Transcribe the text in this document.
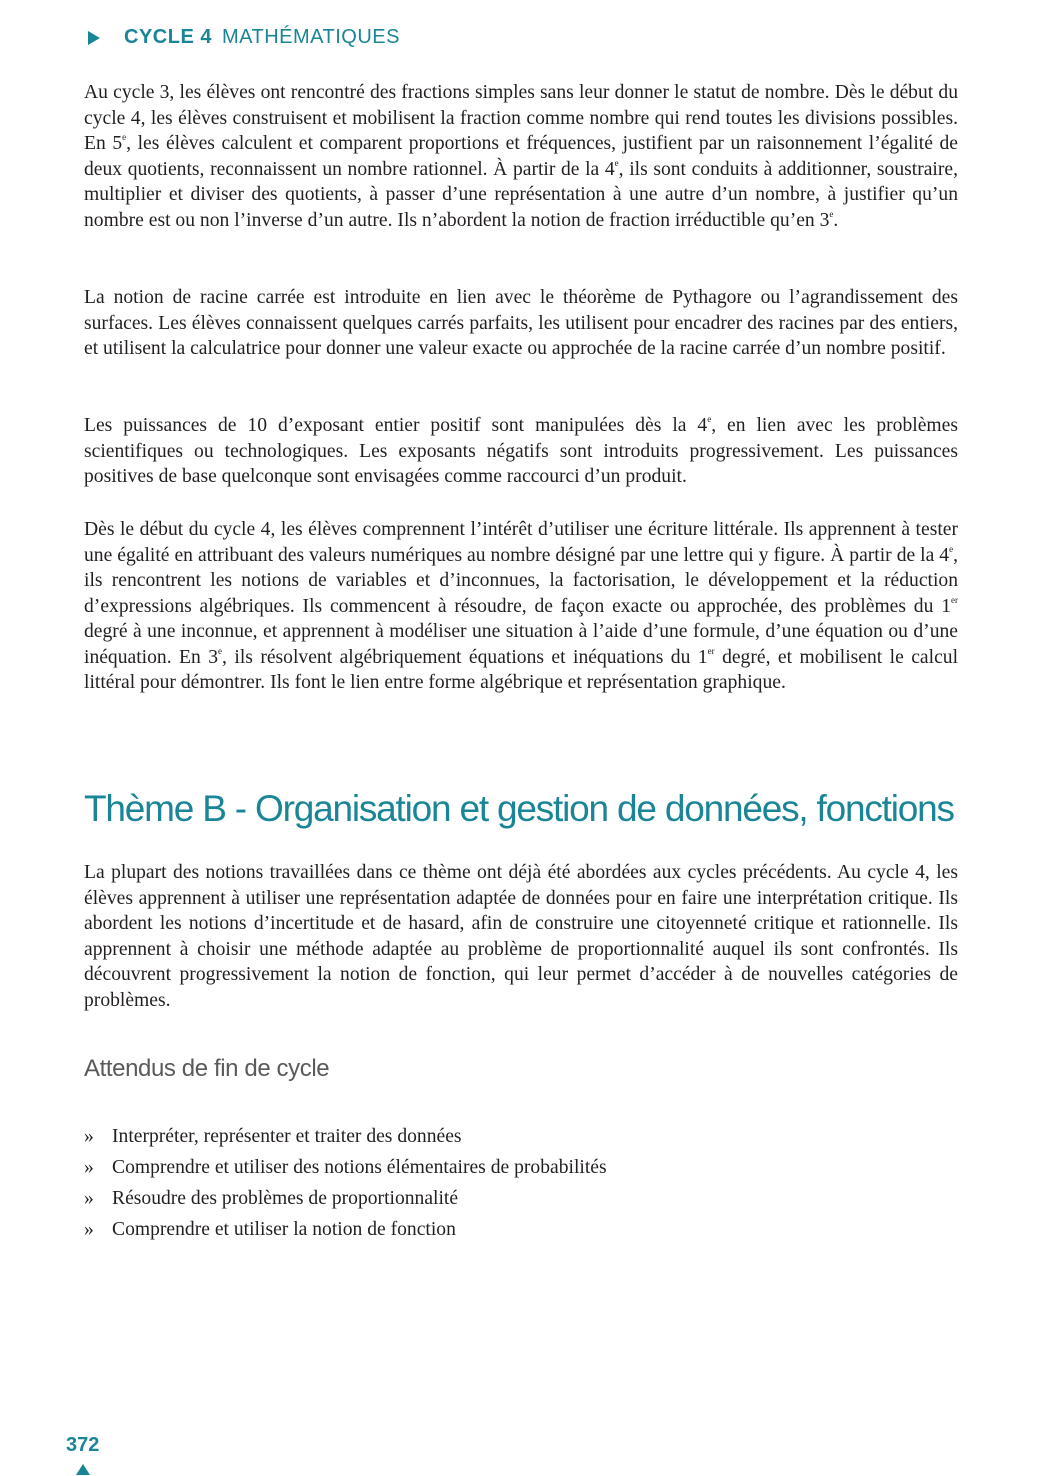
CYCLE 4 MATHÉMATIQUES

Au cycle 3, les élèves ont rencontré des fractions simples sans leur donner le statut de nombre. Dès le début du cycle 4, les élèves construisent et mobilisent la fraction comme nombre qui rend toutes les divisions possibles. En 5e, les élèves calculent et comparent proportions et fréquences, justifient par un raisonnement l’égalité de deux quotients, reconnaissent un nombre rationnel. À partir de la 4e, ils sont conduits à additionner, soustraire, multiplier et diviser des quotients, à passer d’une représentation à une autre d’un nombre, à justifier qu’un nombre est ou non l’inverse d’un autre. Ils n’abordent la notion de fraction irréductible qu’en 3e.

La notion de racine carrée est introduite en lien avec le théorème de Pythagore ou l’agrandissement des surfaces. Les élèves connaissent quelques carrés parfaits, les utilisent pour encadrer des racines par des entiers, et utilisent la calculatrice pour donner une valeur exacte ou approchée de la racine carrée d’un nombre positif.

Les puissances de 10 d’exposant entier positif sont manipulées dès la 4e, en lien avec les problèmes scientifiques ou technologiques. Les exposants négatifs sont introduits progressivement. Les puissances positives de base quelconque sont envisagées comme raccourci d’un produit.

Dès le début du cycle 4, les élèves comprennent l’intérêt d’utiliser une écriture littérale. Ils apprennent à tester une égalité en attribuant des valeurs numériques au nombre désigné par une lettre qui y figure. À partir de la 4e, ils rencontrent les notions de variables et d’inconnues, la factorisation, le développement et la réduction d’expressions algébriques. Ils commencent à résoudre, de façon exacte ou approchée, des problèmes du 1er degré à une inconnue, et apprennent à modéliser une situation à l’aide d’une formule, d’une équation ou d’une inéquation. En 3e, ils résolvent algébriquement équations et inéquations du 1er degré, et mobilisent le calcul littéral pour démontrer. Ils font le lien entre forme algébrique et représentation graphique.

Thème B - Organisation et gestion de données, fonctions

La plupart des notions travaillées dans ce thème ont déjà été abordées aux cycles précédents. Au cycle 4, les élèves apprennent à utiliser une représentation adaptée de données pour en faire une interprétation critique. Ils abordent les notions d’incertitude et de hasard, afin de construire une citoyenneté critique et rationnelle. Ils apprennent à choisir une méthode adaptée au problème de proportionnalité auquel ils sont confrontés. Ils découvrent progressivement la notion de fonction, qui leur permet d’accéder à de nouvelles catégories de problèmes.

Attendus de fin de cycle
» Interpréter, représenter et traiter des données
» Comprendre et utiliser des notions élémentaires de probabilités
» Résoudre des problèmes de proportionnalité
» Comprendre et utiliser la notion de fonction
372
